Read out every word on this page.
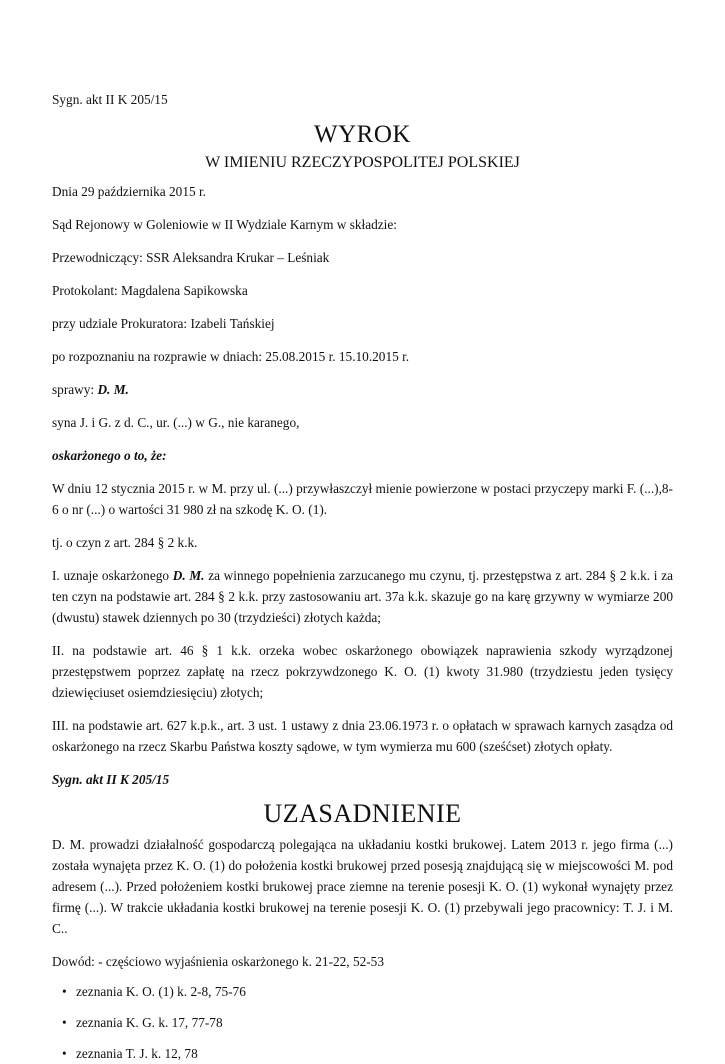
Sygn. akt II K 205/15

WYROK
W IMIENIU RZECZYPOSPOLITEJ POLSKIEJ

Dnia 29 października 2015 r.

Sąd Rejonowy w Goleniowie w II Wydziale Karnym w składzie:

Przewodniczący: SSR Aleksandra Krukar – Leśniak

Protokolant: Magdalena Sapikowska

przy udziale Prokuratora: Izabeli Tańskiej

po rozpoznaniu na rozprawie w dniach: 25.08.2015 r. 15.10.2015 r.

sprawy: D. M.

syna J. i G. z d. C., ur. (...) w G., nie karanego,

oskarżonego o to, że:

W dniu 12 stycznia 2015 r. w M. przy ul. (...) przywłaszczył mienie powierzone w postaci przyczepy marki F. (...),8-6 o nr (...) o wartości 31 980 zł na szkodę K. O. (1).

tj. o czyn z art. 284 § 2 k.k.

I. uznaje oskarżonego D. M. za winnego popełnienia zarzucanego mu czynu, tj. przestępstwa z art. 284 § 2 k.k. i za ten czyn na podstawie art. 284 § 2 k.k. przy zastosowaniu art. 37a k.k. skazuje go na karę grzywny w wymiarze 200 (dwustu) stawek dziennych po 30 (trzydzieści) złotych każda;

II. na podstawie art. 46 § 1 k.k. orzeka wobec oskarżonego obowiązek naprawienia szkody wyrządzonej przestępstwem poprzez zapłatę na rzecz pokrzywdzonego K. O. (1) kwoty 31.980 (trzydziestu jeden tysięcy dziewięciuset osiemdziesięciu) złotych;

III. na podstawie art. 627 k.p.k., art. 3 ust. 1 ustawy z dnia 23.06.1973 r. o opłatach w sprawach karnych zasądza od oskarżonego na rzecz Skarbu Państwa koszty sądowe, w tym wymierza mu 600 (sześćset) złotych opłaty.

Sygn. akt II K 205/15

UZASADNIENIE

D. M. prowadzi działalność gospodarczą polegająca na układaniu kostki brukowej. Latem 2013 r. jego firma (...) została wynajęta przez K. O. (1) do położenia kostki brukowej przed posesją znajdującą się w miejscowości M. pod adresem (...). Przed położeniem kostki brukowej prace ziemne na terenie posesji K. O. (1) wykonał wynajęty przez firmę (...). W trakcie układania kostki brukowej na terenie posesji K. O. (1) przebywali jego pracownicy: T. J. i M. C..

Dowód: - częściowo wyjaśnienia oskarżonego k. 21-22, 52-53

• zeznania K. O. (1) k. 2-8, 75-76
• zeznania K. G. k. 17, 77-78
• zeznania T. J. k. 12, 78
